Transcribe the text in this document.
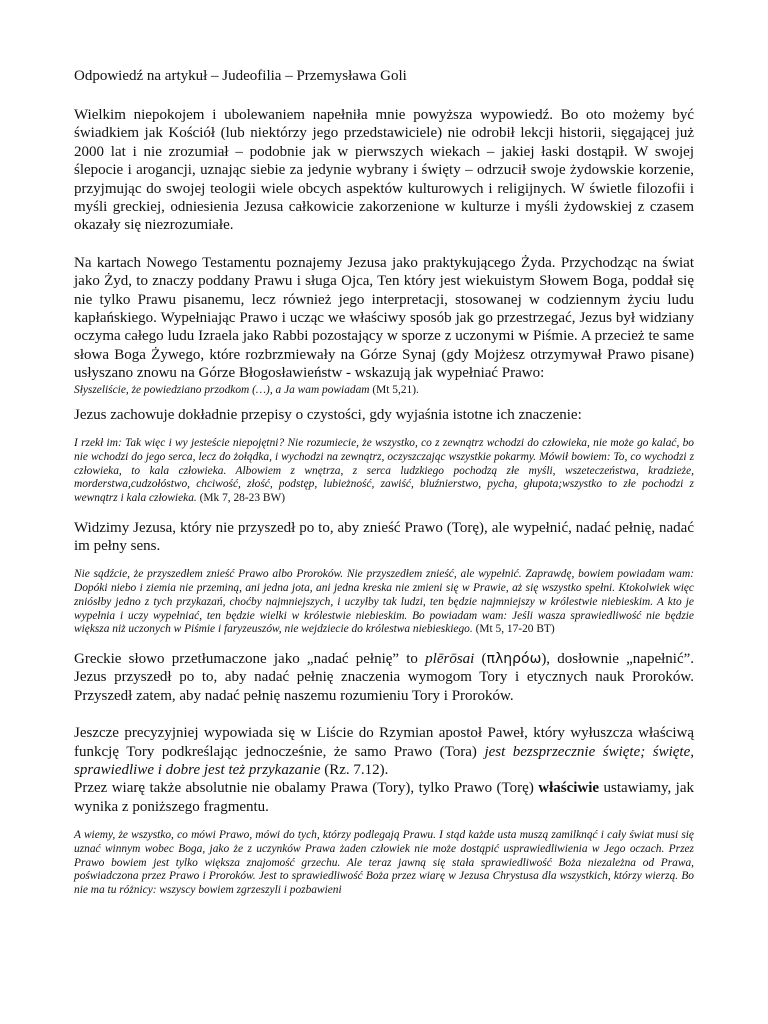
Odpowiedź na artykuł – Judeofilia – Przemysława Goli

Wielkim niepokojem i ubolewaniem napełniła mnie powyższa wypowiedź. Bo oto możemy być świadkiem jak Kościół (lub niektórzy jego przedstawiciele) nie odrobił lekcji historii, sięgającej już 2000 lat i nie zrozumiał – podobnie jak w pierwszych wiekach – jakiej łaski dostąpił. W swojej ślepocie i arogancji, uznając siebie za jedynie wybrany i święty – odrzucił swoje żydowskie korzenie, przyjmując do swojej teologii wiele obcych aspektów kulturowych i religijnych. W świetle filozofii i myśli greckiej, odniesienia Jezusa całkowicie zakorzenione w kulturze i myśli żydowskiej z czasem okazały się niezrozumiałe.

Na kartach Nowego Testamentu poznajemy Jezusa jako praktykującego Żyda. Przychodząc na świat jako Żyd, to znaczy poddany Prawu i sługa Ojca, Ten który jest wiekuistym Słowem Boga, poddał się nie tylko Prawu pisanemu, lecz również jego interpretacji, stosowanej w codziennym życiu ludu kapłańskiego. Wypełniając Prawo i ucząc we właściwy sposób jak go przestrzegać, Jezus był widziany oczyma całego ludu Izraela jako Rabbi pozostający w sporze z uczonymi w Piśmie. A przecież te same słowa Boga Żywego, które rozbrzmiewały na Górze Synaj (gdy Mojżesz otrzymywał Prawo pisane) usłyszano znowu na Górze Błogosławieństw - wskazują jak wypełniać Prawo:

Słyszeliście, że powiedziano przodkom (…), a Ja wam powiadam (Mt 5,21).

Jezus zachowuje dokładnie przepisy o czystości, gdy wyjaśnia istotne ich znaczenie:

I rzekł im: Tak więc i wy jesteście niepojętni? Nie rozumiecie, że wszystko, co z zewnątrz wchodzi do człowieka, nie może go kalać, bo nie wchodzi do jego serca, lecz do żołądka, i wychodzi na zewnątrz, oczyszczając wszystkie pokarmy. Mówił bowiem: To, co wychodzi z człowieka, to kala człowieka. Albowiem z wnętrza, z serca ludzkiego pochodzą złe myśli, wszeteczeństwa, kradzieże, morderstwa,cudzołóstwo, chciwość, złość, podstęp, lubieżność, zawiść, bluźnierstwo, pycha, głupota;wszystko to złe pochodzi z wewnątrz i kala człowieka. (Mk 7, 28-23 BW)

Widzimy Jezusa, który nie przyszedł po to, aby znieść Prawo (Torę), ale wypełnić, nadać pełnię, nadać im pełny sens.

Nie sądźcie, że przyszedłem znieść Prawo albo Proroków. Nie przyszedłem znieść, ale wypełnić. Zaprawdę, bowiem powiadam wam: Dopóki niebo i ziemia nie przeminą, ani jedna jota, ani jedna kreska nie zmieni się w Prawie, aż się wszystko spełni. Ktokolwiek więc zniósłby jedno z tych przykazań, choćby najmniejszych, i uczyłby tak ludzi, ten będzie najmniejszy w królestwie niebieskim. A kto je wypełnia i uczy wypełniać, ten będzie wielki w królestwie niebieskim. Bo powiadam wam: Jeśli wasza sprawiedliwość nie będzie większa niż uczonych w Piśmie i faryzeuszów, nie wejdziecie do królestwa niebieskiego. (Mt 5, 17-20 BT)

Greckie słowo przetłumaczone jako „nadać pełnię” to plērōsai (πληρόω), dosłownie „napełnić”. Jezus przyszedł po to, aby nadać pełnię znaczenia wymogom Tory i etycznych nauk Proroków. Przyszedł zatem, aby nadać pełnię naszemu rozumieniu Tory i Proroków.

Jeszcze precyzyjniej wypowiada się w Liście do Rzymian apostoł Paweł, który wyłuszcza właściwą funkcję Tory podkreślając jednocześnie, że samo Prawo (Tora) jest bezsprzecznie święte; święte, sprawiedliwe i dobre jest też przykazanie (Rz. 7.12).

Przez wiarę także absolutnie nie obalamy Prawa (Tory), tylko Prawo (Torę) właściwie ustawiamy, jak wynika z poniższego fragmentu.

A wiemy, że wszystko, co mówi Prawo, mówi do tych, którzy podlegają Prawu. I stąd każde usta muszą zamilknąć i cały świat musi się uznać winnym wobec Boga, jako że z uczynków Prawa żaden człowiek nie może dostąpić usprawiedliwienia w Jego oczach. Przez Prawo bowiem jest tylko większa znajomość grzechu. Ale teraz jawną się stała sprawiedliwość Boża niezależna od Prawa, poświadczona przez Prawo i Proroków. Jest to sprawiedliwość Boża przez wiarę w Jezusa Chrystusa dla wszystkich, którzy wierzą. Bo nie ma tu różnicy: wszyscy bowiem zgrzeszyli i pozbawieni
